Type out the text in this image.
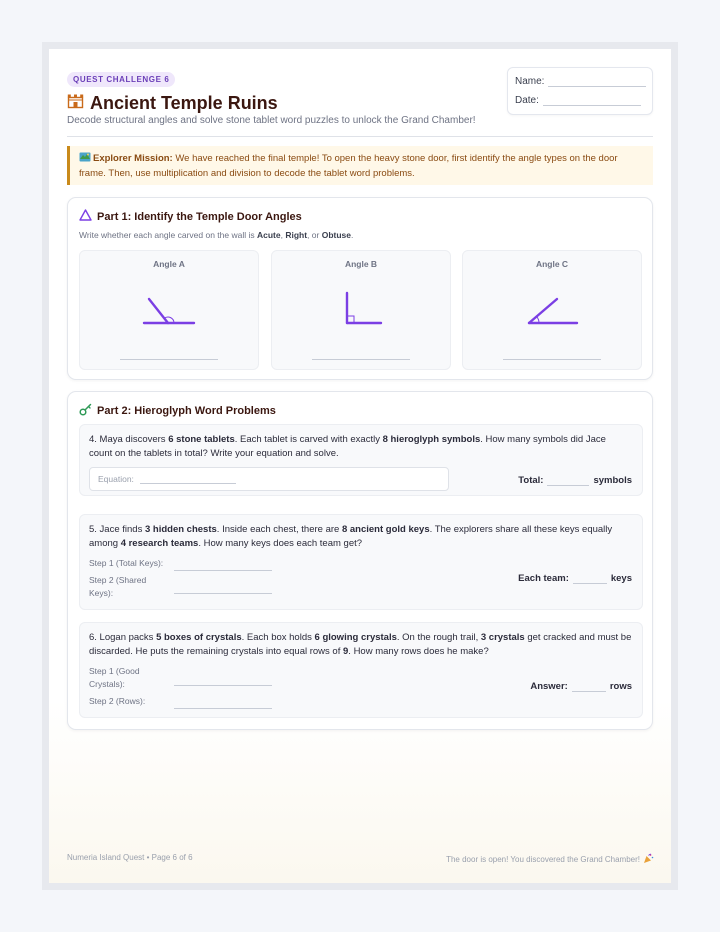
QUEST CHALLENGE 6
Ancient Temple Ruins
Decode structural angles and solve stone tablet word puzzles to unlock the Grand Chamber!
Name:
Date:
Explorer Mission: We have reached the final temple! To open the heavy stone door, first identify the angle types on the door frame. Then, use multiplication and division to decode the tablet word problems.
Part 1: Identify the Temple Door Angles
Write whether each angle carved on the wall is Acute, Right, or Obtuse.
Angle A	Angle B	Angle C
Part 2: Hieroglyph Word Problems
4. Maya discovers 6 stone tablets. Each tablet is carved with exactly 8 hieroglyph symbols. How many symbols did Jace count on the tablets in total? Write your equation and solve.
Equation:	Total:	symbols
5. Jace finds 3 hidden chests. Inside each chest, there are 8 ancient gold keys. The explorers share all these keys equally among 4 research teams. How many keys does each team get?
Step 1 (Total Keys):
Step 2 (Shared
Keys):
Each team:	keys
6. Logan packs 5 boxes of crystals. Each box holds 6 glowing crystals. On the rough trail, 3 crystals get cracked and must be discarded. He puts the remaining crystals into equal rows of 9. How many rows does he make?
Step 1 (Good
Crystals):
Step 2 (Rows):
Answer:	rows
Numeria Island Quest • Page 6 of 6	The door is open! You discovered the Grand Chamber!
